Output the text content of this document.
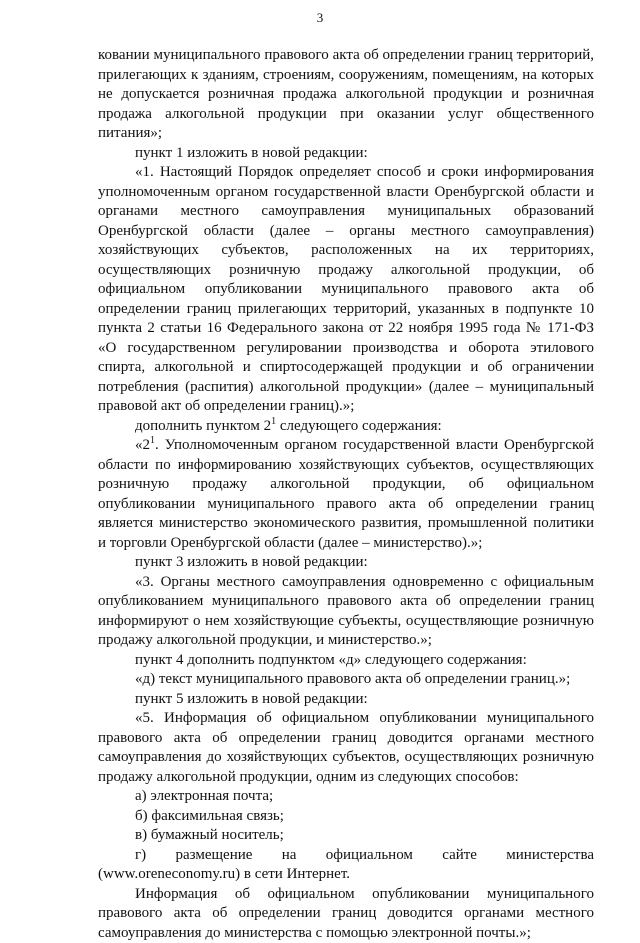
3

ковании муниципального правового акта об определении границ территорий, прилегающих к зданиям, строениям, сооружениям, помещениям, на которых не допускается розничная продажа алкогольной продукции и розничная продажа алкогольной продукции при оказании услуг общественного питания»;

пункт 1 изложить в новой редакции:

«1. Настоящий Порядок определяет способ и сроки информирования уполномоченным органом государственной власти Оренбургской области и органами местного самоуправления муниципальных образований Оренбургской области (далее – органы местного самоуправления) хозяйствующих субъектов, расположенных на их территориях, осуществляющих розничную продажу алкогольной продукции, об официальном опубликовании муниципального правового акта об определении границ прилегающих территорий, указанных в подпункте 10 пункта 2 статьи 16 Федерального закона от 22 ноября 1995 года № 171-ФЗ «О государственном регулировании производства и оборота этилового спирта, алкогольной и спиртосодержащей продукции и об ограничении потребления (распития) алкогольной продукции» (далее – муниципальный правовой акт об определении границ).»;

дополнить пунктом $2^1$ следующего содержания:

«$2^1$. Уполномоченным органом государственной власти Оренбургской области по информированию хозяйствующих субъектов, осуществляющих розничную продажу алкогольной продукции, об официальном опубликовании муниципального правого акта об определении границ является министерство экономического развития, промышленной политики и торговли Оренбургской области (далее – министерство).»;

пункт 3 изложить в новой редакции:

«3. Органы местного самоуправления одновременно с официальным опубликованием муниципального правового акта об определении границ информируют о нем хозяйствующие субъекты, осуществляющие розничную продажу алкогольной продукции, и министерство.»;

пункт 4 дополнить подпунктом «д» следующего содержания:

«д) текст муниципального правового акта об определении границ.»;

пункт 5 изложить в новой редакции:

«5. Информация об официальном опубликовании муниципального правового акта об определении границ доводится органами местного самоуправления до хозяйствующих субъектов, осуществляющих розничную продажу алкогольной продукции, одним из следующих способов:

а) электронная почта;

б) факсимильная связь;

в) бумажный носитель;

г) размещение на официальном сайте министерства

(www.oreneconomy.ru) в сети Интернет.

Информация об официальном опубликовании муниципального правового акта об определении границ доводится органами местного самоуправления до министерства с помощью электронной почты.»;
